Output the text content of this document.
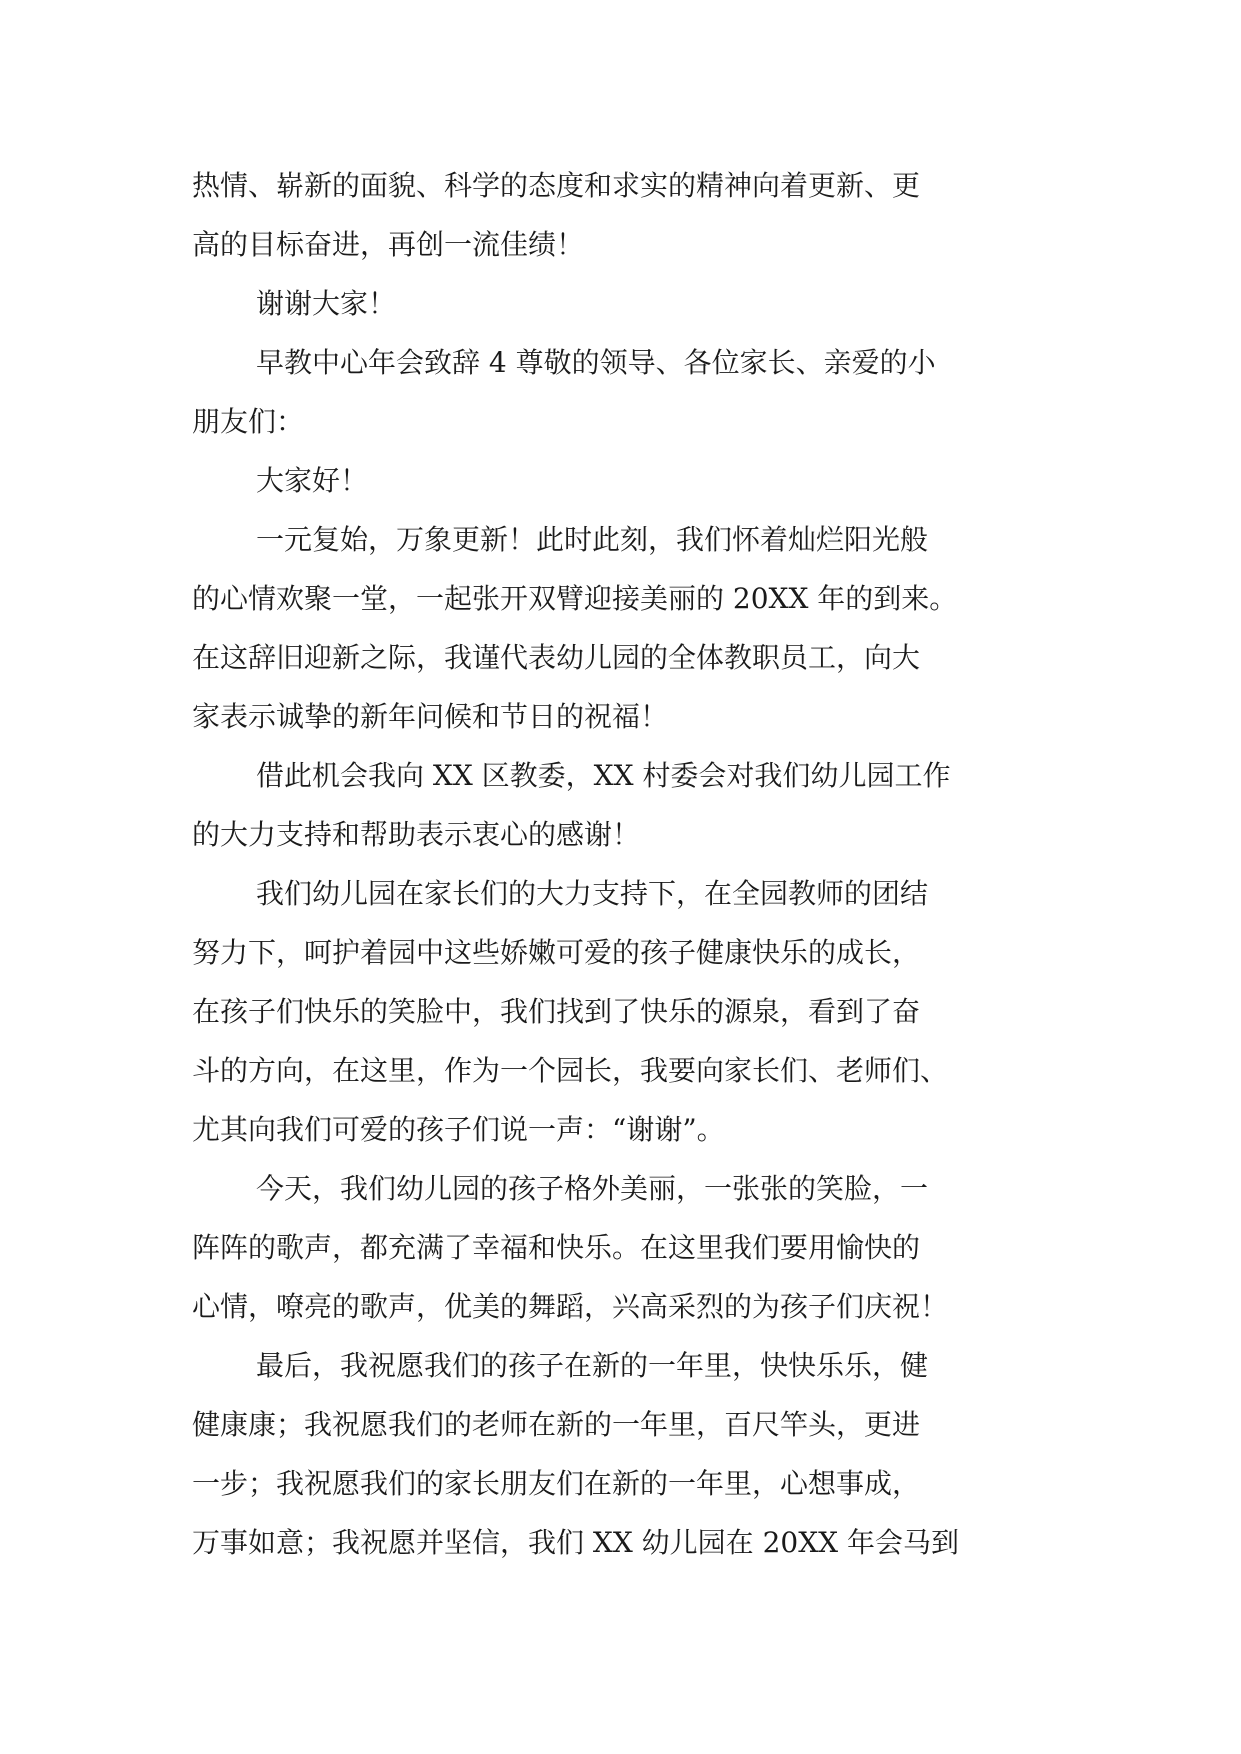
热情、崭新的面貌、科学的态度和求实的精神向着更新、更

高的目标奋进，再创一流佳绩！

谢谢大家！

早教中心年会致辞 4 尊敬的领导、各位家长、亲爱的小

朋友们：

大家好！

一元复始，万象更新！此时此刻，我们怀着灿烂阳光般

的心情欢聚一堂，一起张开双臂迎接美丽的 20XX 年的到来。

在这辞旧迎新之际，我谨代表幼儿园的全体教职员工，向大

家表示诚挚的新年问候和节日的祝福！

借此机会我向 XX 区教委，XX 村委会对我们幼儿园工作

的大力支持和帮助表示衷心的感谢！

我们幼儿园在家长们的大力支持下，在全园教师的团结

努力下，呵护着园中这些娇嫩可爱的孩子健康快乐的成长，

在孩子们快乐的笑脸中，我们找到了快乐的源泉，看到了奋

斗的方向，在这里，作为一个园长，我要向家长们、老师们、

尤其向我们可爱的孩子们说一声：“谢谢”。

今天，我们幼儿园的孩子格外美丽，一张张的笑脸，一

阵阵的歌声，都充满了幸福和快乐。在这里我们要用愉快的

心情，嘹亮的歌声，优美的舞蹈，兴高采烈的为孩子们庆祝！

最后，我祝愿我们的孩子在新的一年里，快快乐乐，健

健康康；我祝愿我们的老师在新的一年里，百尺竿头，更进

一步；我祝愿我们的家长朋友们在新的一年里，心想事成，

万事如意；我祝愿并坚信，我们 XX 幼儿园在 20XX 年会马到
